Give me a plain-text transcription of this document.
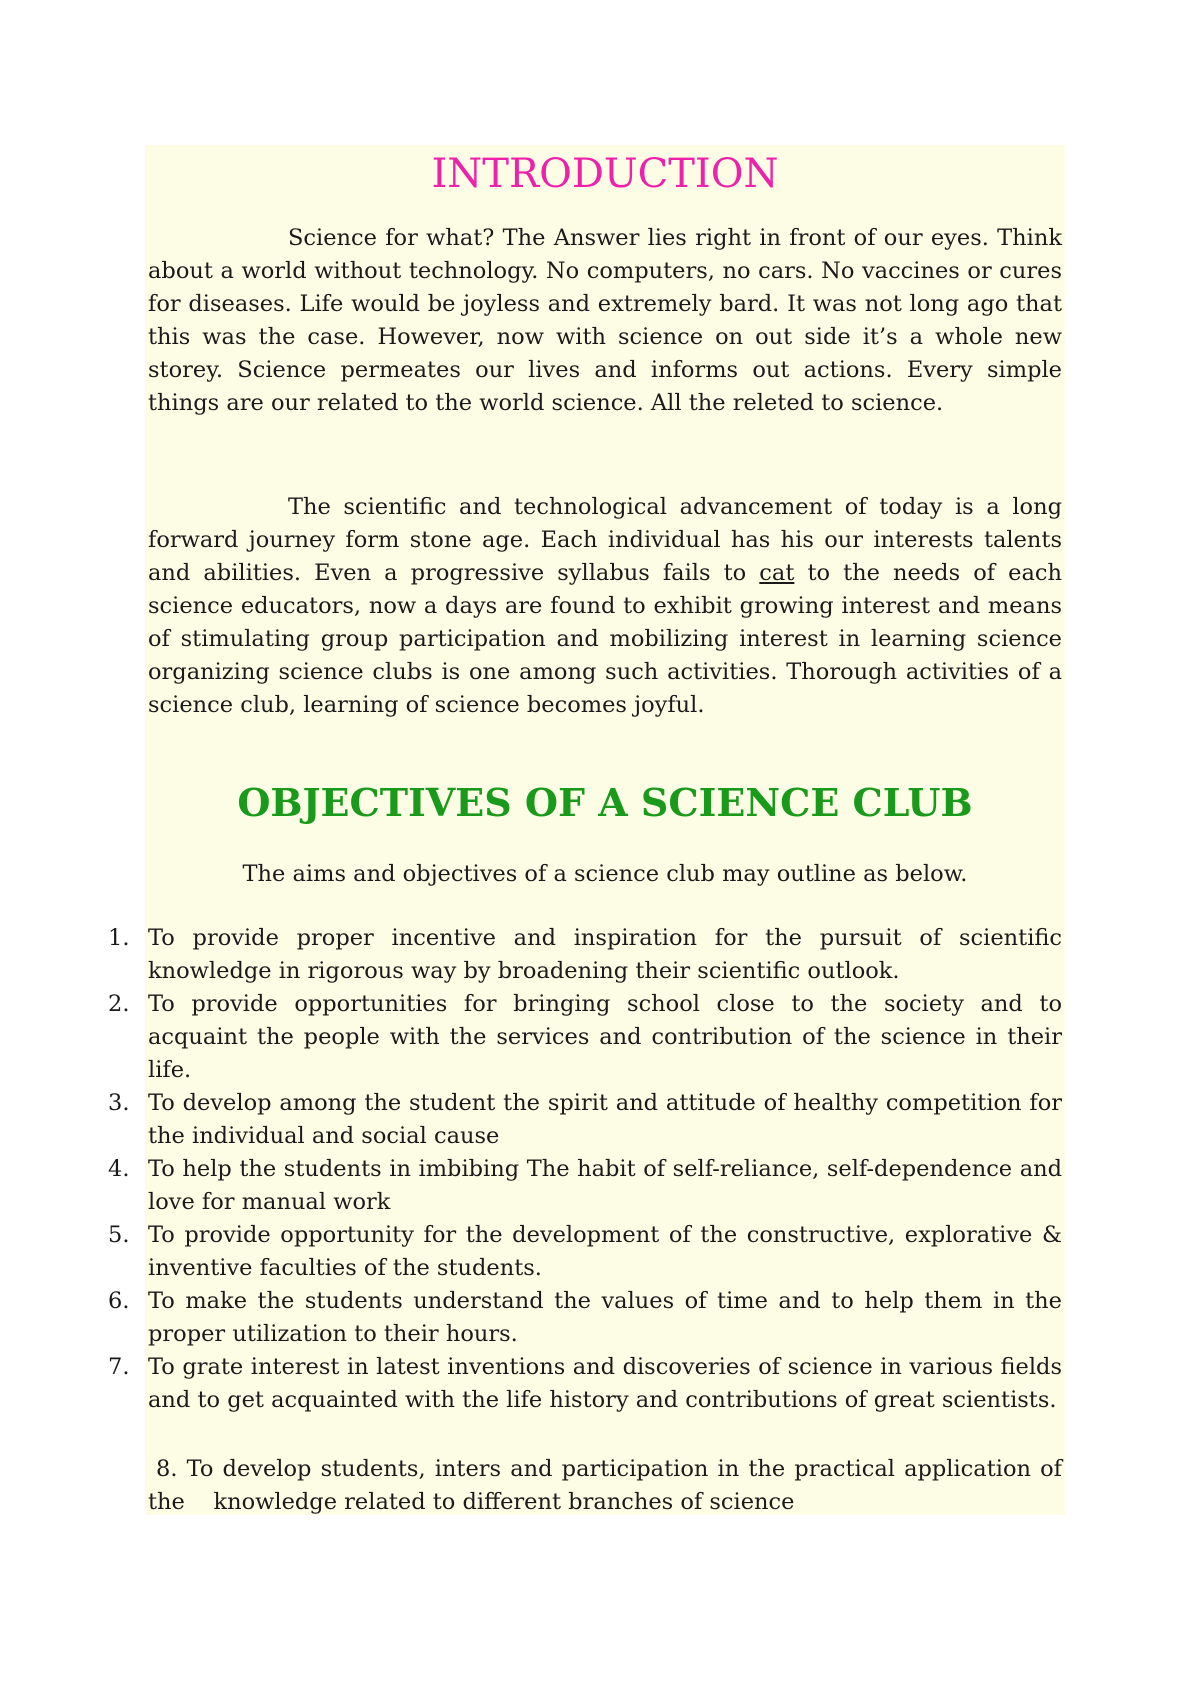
INTRODUCTION

Science for what? The Answer lies right in front of our eyes. Think about a world without technology. No computers, no cars. No vaccines or cures for diseases. Life would be joyless and extremely bard. It was not long ago that this was the case. However, now with science on out side it’s a whole new storey. Science permeates our lives and informs out actions. Every simple things are our related to the world science. All the releted to science.

The scientific and technological advancement of today is a long forward journey form stone age. Each individual has his our interests talents and abilities. Even a progressive syllabus fails to cat to the needs of each science educators, now a days are found to exhibit growing interest and means of stimulating group participation and mobilizing interest in learning science organizing science clubs is one among such activities. Thorough activities of a science club, learning of science becomes joyful.

OBJECTIVES OF A SCIENCE CLUB
The aims and objectives of a science club may outline as below.
1. To provide proper incentive and inspiration for the pursuit of scientific knowledge in rigorous way by broadening their scientific outlook.
2. To provide opportunities for bringing school close to the society and to acquaint the people with the services and contribution of the science in their life.
3. To develop among the student the spirit and attitude of healthy competition for the individual and social cause
4. To help the students in imbibing The habit of self-reliance, self-dependence and love for manual work
5. To provide opportunity for the development of the constructive, explorative & inventive faculties of the students.
6. To make the students understand the values of time and to help them in the proper utilization to their hours.
7. To grate interest in latest inventions and discoveries of science in various fields and to get acquainted with the life history and contributions of great scientists.
8. To develop students, inters and participation in the practical application of the    knowledge related to different branches of science
